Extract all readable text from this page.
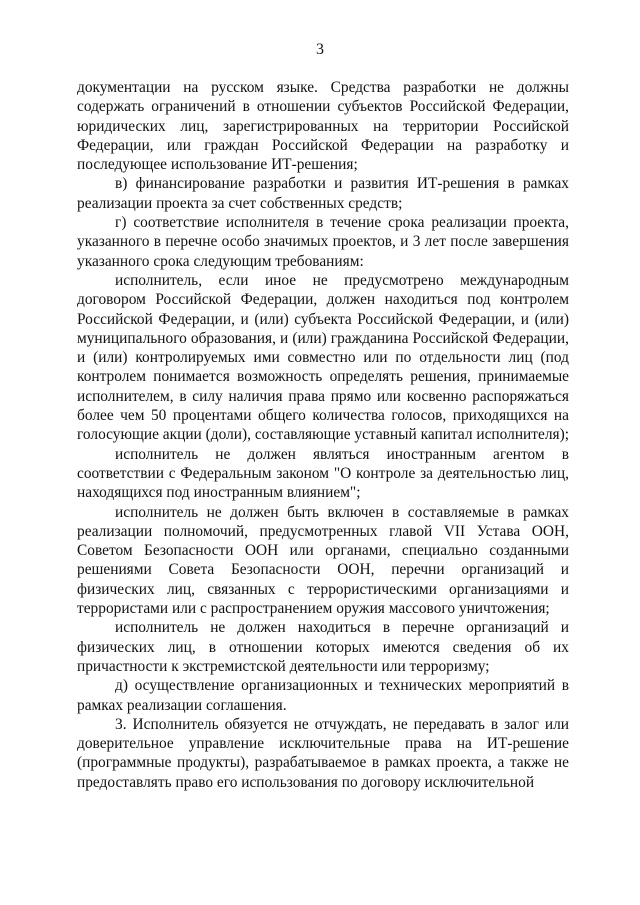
3

документации на русском языке. Средства разработки не должны содержать ограничений в отношении субъектов Российской Федерации, юридических лиц, зарегистрированных на территории Российской Федерации, или граждан Российской Федерации на разработку и последующее использование ИТ-решения;

в) финансирование разработки и развития ИТ-решения в рамках реализации проекта за счет собственных средств;

г) соответствие исполнителя в течение срока реализации проекта, указанного в перечне особо значимых проектов, и 3 лет после завершения указанного срока следующим требованиям:

исполнитель, если иное не предусмотрено международным договором Российской Федерации, должен находиться под контролем Российской Федерации, и (или) субъекта Российской Федерации, и (или) муниципального образования, и (или) гражданина Российской Федерации, и (или) контролируемых ими совместно или по отдельности лиц (под контролем понимается возможность определять решения, принимаемые исполнителем, в силу наличия права прямо или косвенно распоряжаться более чем 50 процентами общего количества голосов, приходящихся на голосующие акции (доли), составляющие уставный капитал исполнителя);

исполнитель не должен являться иностранным агентом в соответствии с Федеральным законом "О контроле за деятельностью лиц, находящихся под иностранным влиянием";

исполнитель не должен быть включен в составляемые в рамках реализации полномочий, предусмотренных главой VII Устава ООН, Советом Безопасности ООН или органами, специально созданными решениями Совета Безопасности ООН, перечни организаций и физических лиц, связанных с террористическими организациями и террористами или с распространением оружия массового уничтожения;

исполнитель не должен находиться в перечне организаций и физических лиц, в отношении которых имеются сведения об их причастности к экстремистской деятельности или терроризму;

д) осуществление организационных и технических мероприятий в рамках реализации соглашения.

3. Исполнитель обязуется не отчуждать, не передавать в залог или доверительное управление исключительные права на ИТ-решение (программные продукты), разрабатываемое в рамках проекта, а также не предоставлять право его использования по договору исключительной
